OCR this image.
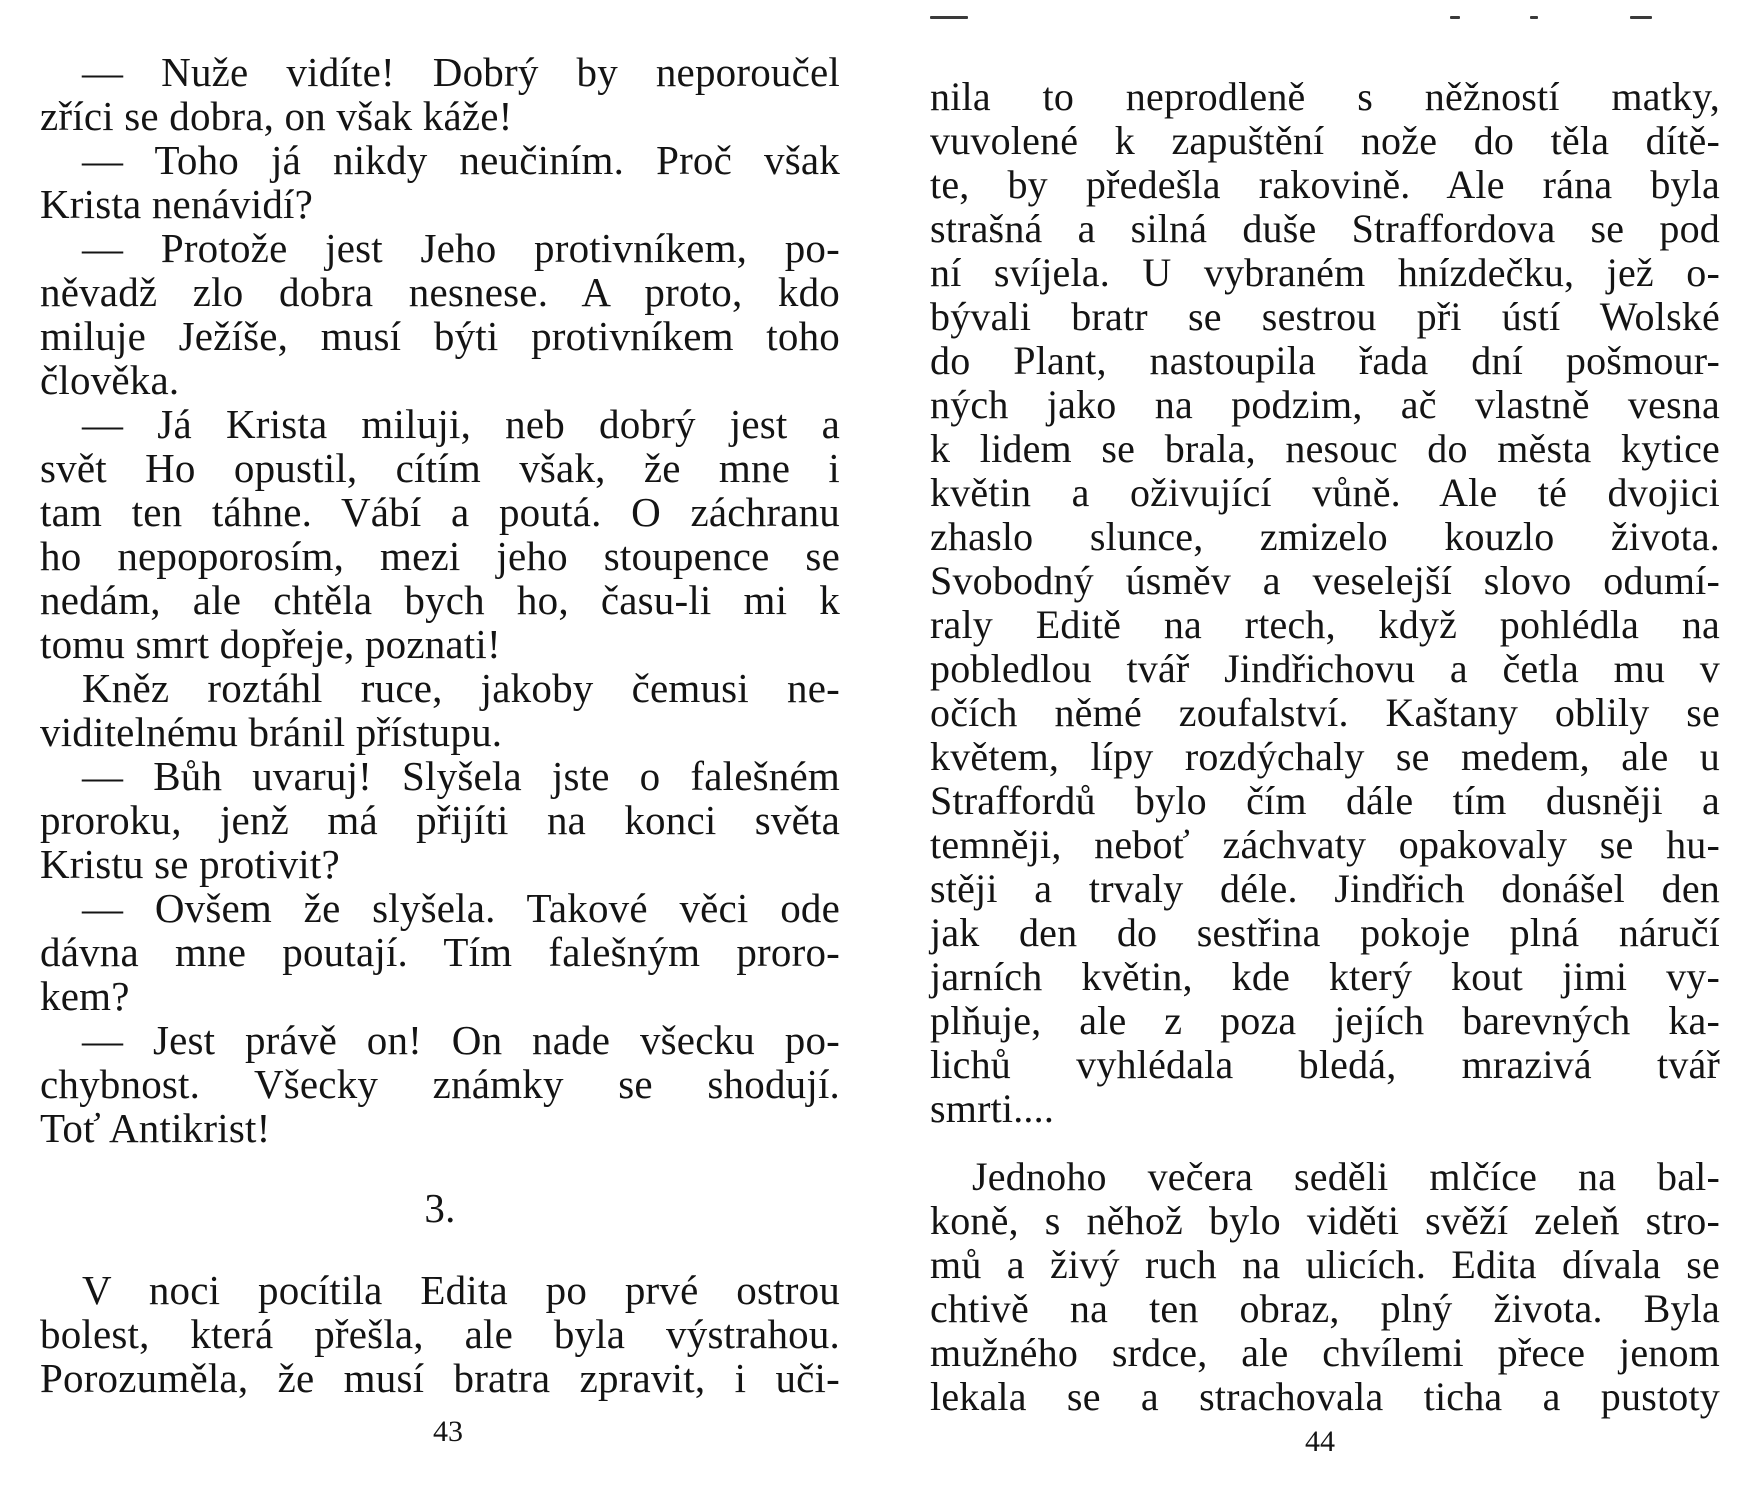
— Nuže vidíte! Dobrý by neporoučel
zříci se dobra, on však káže!
— Toho já nikdy neučiním. Proč však
Krista nenávidí?
— Protože jest Jeho protivníkem, po-
něvadž zlo dobra nesnese. A proto, kdo
miluje Ježíše, musí býti protivníkem toho
člověka.
— Já Krista miluji, neb dobrý jest a
svět Ho opustil, cítím však, že mne i
tam ten táhne. Vábí a poutá. O záchranu
ho nepoporosím, mezi jeho stoupence se
nedám, ale chtěla bych ho, času-li mi k
tomu smrt dopřeje, poznati!
Kněz roztáhl ruce, jakoby čemusi ne-
viditelnému bránil přístupu.
— Bůh uvaruj! Slyšela jste o falešném
proroku, jenž má přijíti na konci světa
Kristu se protivit?
— Ovšem že slyšela. Takové věci ode
dávna mne poutají. Tím falešným proro-
kem?
— Jest právě on! On nade všecku po-
chybnost. Všecky známky se shodují.
Toť Antikrist!
3.
V noci pocítila Edita po prvé ostrou
bolest, která přešla, ale byla výstrahou.
Porozuměla, že musí bratra zpravit, i uči-
43
nila to neprodleně s něžností matky,
vuvolené k zapuštění nože do těla dítě-
te, by předešla rakovině. Ale rána byla
strašná a silná duše Straffordova se pod
ní svíjela. U vybraném hnízdečku, jež o-
bývali bratr se sestrou při ústí Wolské
do Plant, nastoupila řada dní pošmour-
ných jako na podzim, ač vlastně vesna
k lidem se brala, nesouc do města kytice
květin a oživující vůně. Ale té dvojici
zhaslo slunce, zmizelo kouzlo života.
Svobodný úsměv a veselejší slovo odumí-
raly Editě na rtech, když pohlédla na
pobledlou tvář Jindřichovu a četla mu v
očích němé zoufalství. Kaštany oblily se
květem, lípy rozdýchaly se medem, ale u
Straffordů bylo čím dále tím dusněji a
temněji, neboť záchvaty opakovaly se hu-
stěji a trvaly déle. Jindřich donášel den
jak den do sestřina pokoje plná náručí
jarních květin, kde který kout jimi vy-
plňuje, ale z poza jejích barevných ka-
lichů vyhlédala bledá, mrazivá tvář
smrti....
Jednoho večera seděli mlčíce na bal-
koně, s něhož bylo viděti svěží zeleň stro-
mů a živý ruch na ulicích. Edita dívala se
chtivě na ten obraz, plný života. Byla
mužného srdce, ale chvílemi přece jenom
lekala se a strachovala ticha a pustoty
44
